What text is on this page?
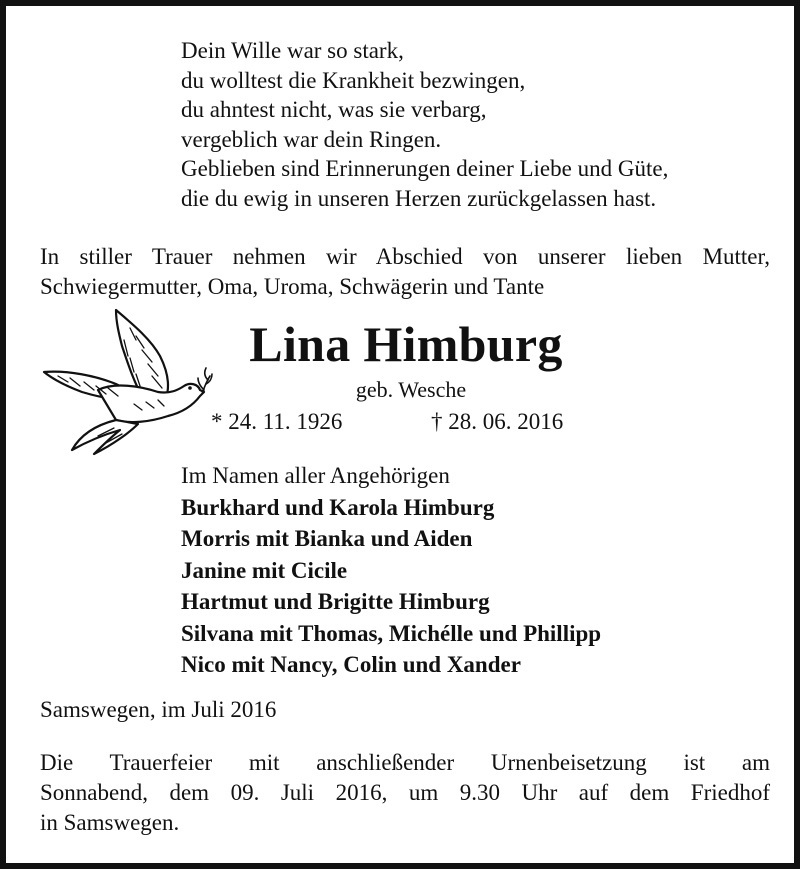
Dein Wille war so stark,
du wolltest die Krankheit bezwingen,
du ahntest nicht, was sie verbarg,
vergeblich war dein Ringen.
Geblieben sind Erinnerungen deiner Liebe und Güte,
die du ewig in unseren Herzen zurückgelassen hast.
In stiller Trauer nehmen wir Abschied von unserer lieben Mutter,
Schwiegermutter, Oma, Uroma, Schwägerin und Tante
Lina Himburg
geb. Wesche
* 24. 11. 1926	† 28. 06. 2016
Im Namen aller Angehörigen
Burkhard und Karola Himburg
Morris mit Bianka und Aiden
Janine mit Cicile
Hartmut und Brigitte Himburg
Silvana mit Thomas, Michélle und Phillipp
Nico mit Nancy, Colin und Xander
Samswegen, im Juli 2016
Die Trauerfeier mit anschließender Urnenbeisetzung ist am
Sonnabend, dem 09. Juli 2016, um 9.30 Uhr auf dem Friedhof
in Samswegen.
